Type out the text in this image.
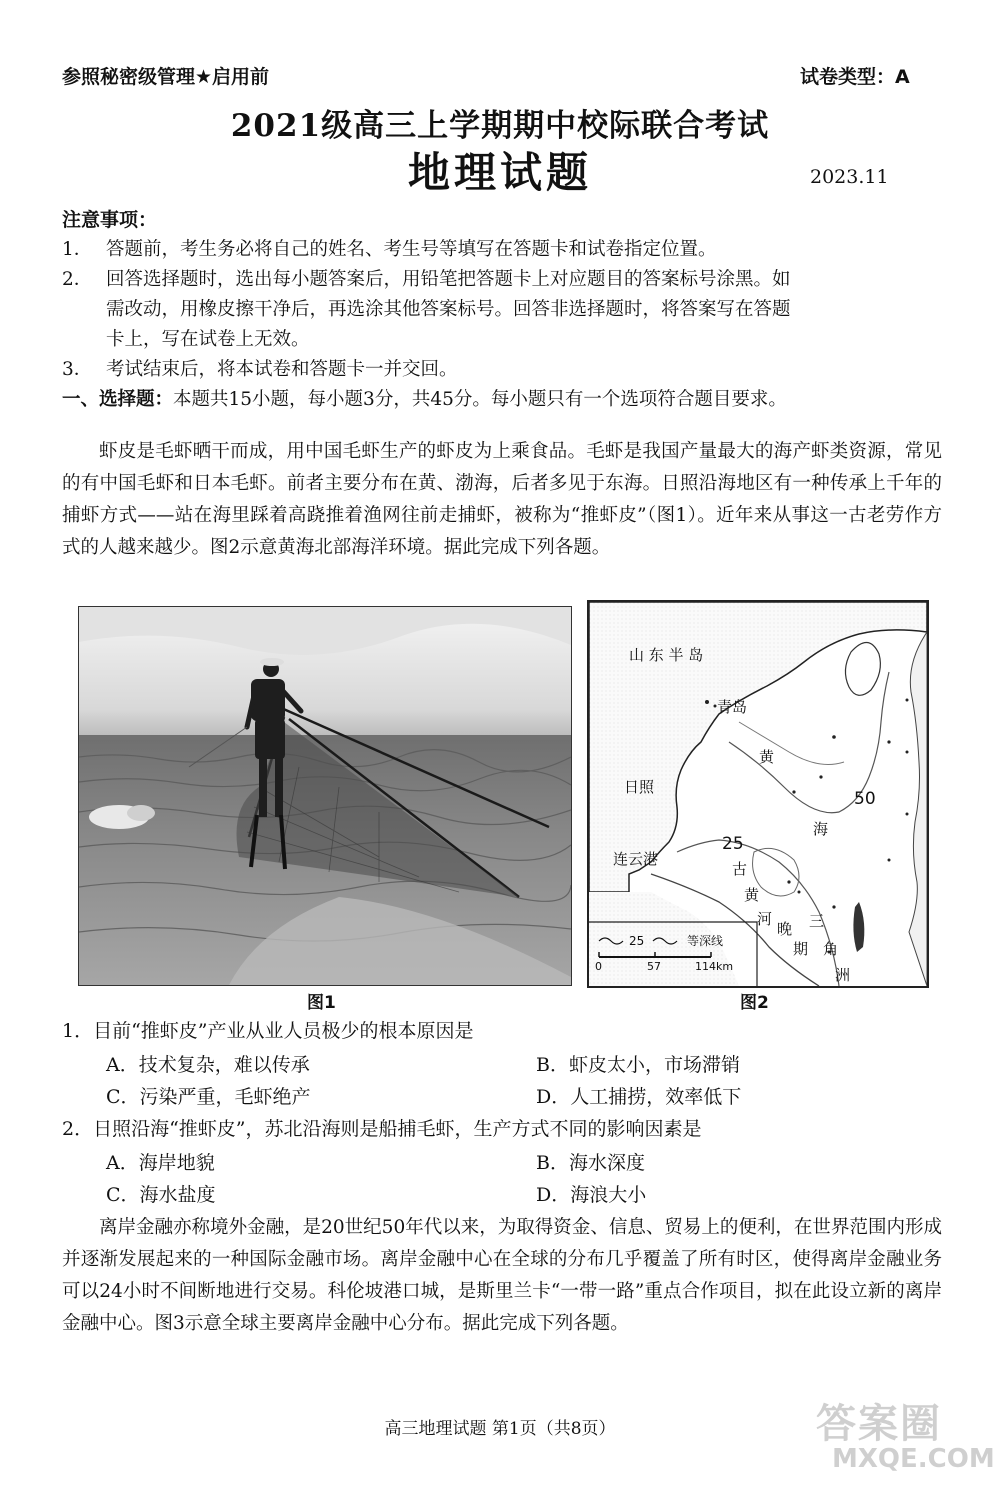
参照秘密级管理★启用前	试卷类型：A
2021级高三上学期期中校际联合考试
地理试题	2023.11
注意事项：
1． 答题前，考生务必将自己的姓名、考生号等填写在答题卡和试卷指定位置。
2． 回答选择题时，选出每小题答案后，用铅笔把答题卡上对应题目的答案标号涂黑。如
需改动，用橡皮擦干净后，再选涂其他答案标号。回答非选择题时，将答案写在答题
卡上，写在试卷上无效。
3． 考试结束后，将本试卷和答题卡一并交回。
一、选择题：本题共15小题，每小题3分，共45分。每小题只有一个选项符合题目要求。
虾皮是毛虾晒干而成，用中国毛虾生产的虾皮为上乘食品。毛虾是我国产量最大的海产虾类资源，常见的有中国毛虾和日本毛虾。前者主要分布在黄、渤海，后者多见于东海。日照沿海地区有一种传承上千年的捕虾方式——站在海里踩着高跷推着渔网往前走捕虾，被称为“推虾皮”（图1）。近年来从事这一古老劳作方式的人越来越少。图2示意黄海北部海洋环境。据此完成下列各题。
图1
山 东 半 岛
青岛
日照
连云港
黄
海
25
50
古
黄
河
晚
期
三
角
洲
25	等深线
0	57	114km
图2
1．目前“推虾皮”产业从业人员极少的根本原因是
A．技术复杂，难以传承	B．虾皮太小，市场滞销
C．污染严重，毛虾绝产	D．人工捕捞，效率低下
2．日照沿海“推虾皮”，苏北沿海则是船捕毛虾，生产方式不同的影响因素是
A．海岸地貌	B．海水深度
C．海水盐度	D．海浪大小
离岸金融亦称境外金融，是20世纪50年代以来，为取得资金、信息、贸易上的便利，在世界范围内形成并逐渐发展起来的一种国际金融市场。离岸金融中心在全球的分布几乎覆盖了所有时区，使得离岸金融业务可以24小时不间断地进行交易。科伦坡港口城，是斯里兰卡“一带一路”重点合作项目，拟在此设立新的离岸金融中心。图3示意全球主要离岸金融中心分布。据此完成下列各题。
高三地理试题 第1页（共8页）	答案圈
MXQE.COM
